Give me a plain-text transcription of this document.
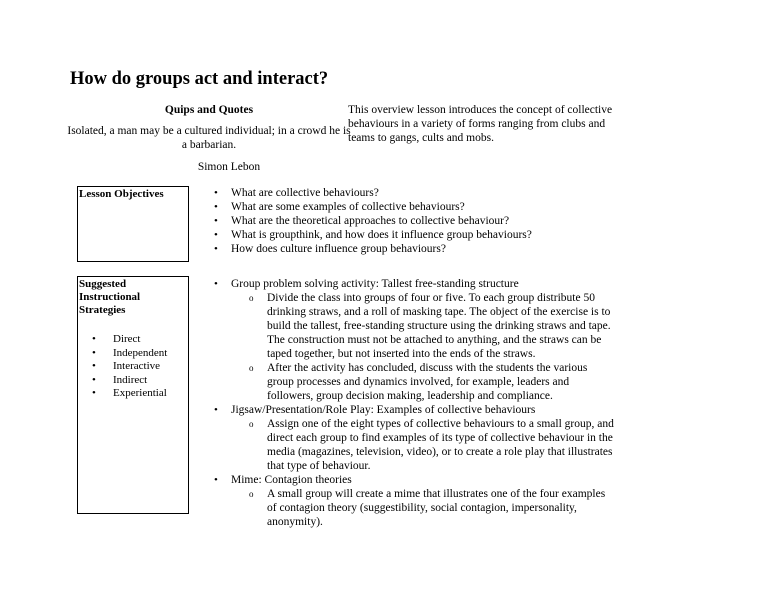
How do groups act and interact?
Quips and Quotes
Isolated, a man may be a cultured individual; in a crowd he is a barbarian.
Simon Lebon
This overview lesson introduces the concept of collective behaviours in a variety of forms ranging from clubs and teams to gangs, cults and mobs.
Lesson Objectives	• What are collective behaviours?
• What are some examples of collective behaviours?
• What are the theoretical approaches to collective behaviour?
• What is groupthink, and how does it influence group behaviours?
• How does culture influence group behaviours?
Suggested Instructional Strategies
• Direct
• Independent
• Interactive
• Indirect
• Experiential
• Group problem solving activity: Tallest free-standing structure
o Divide the class into groups of four or five. To each group distribute 50 drinking straws, and a roll of masking tape. The object of the exercise is to build the tallest, free-standing structure using the drinking straws and tape. The construction must not be attached to anything, and the straws can be taped together, but not inserted into the ends of the straws.
o After the activity has concluded, discuss with the students the various group processes and dynamics involved, for example, leaders and followers, group decision making, leadership and compliance.
• Jigsaw/Presentation/Role Play: Examples of collective behaviours
o Assign one of the eight types of collective behaviours to a small group, and direct each group to find examples of its type of collective behaviour in the media (magazines, television, video), or to create a role play that illustrates that type of behaviour.
• Mime: Contagion theories
o A small group will create a mime that illustrates one of the four examples of contagion theory (suggestibility, social contagion, impersonality, anonymity).
